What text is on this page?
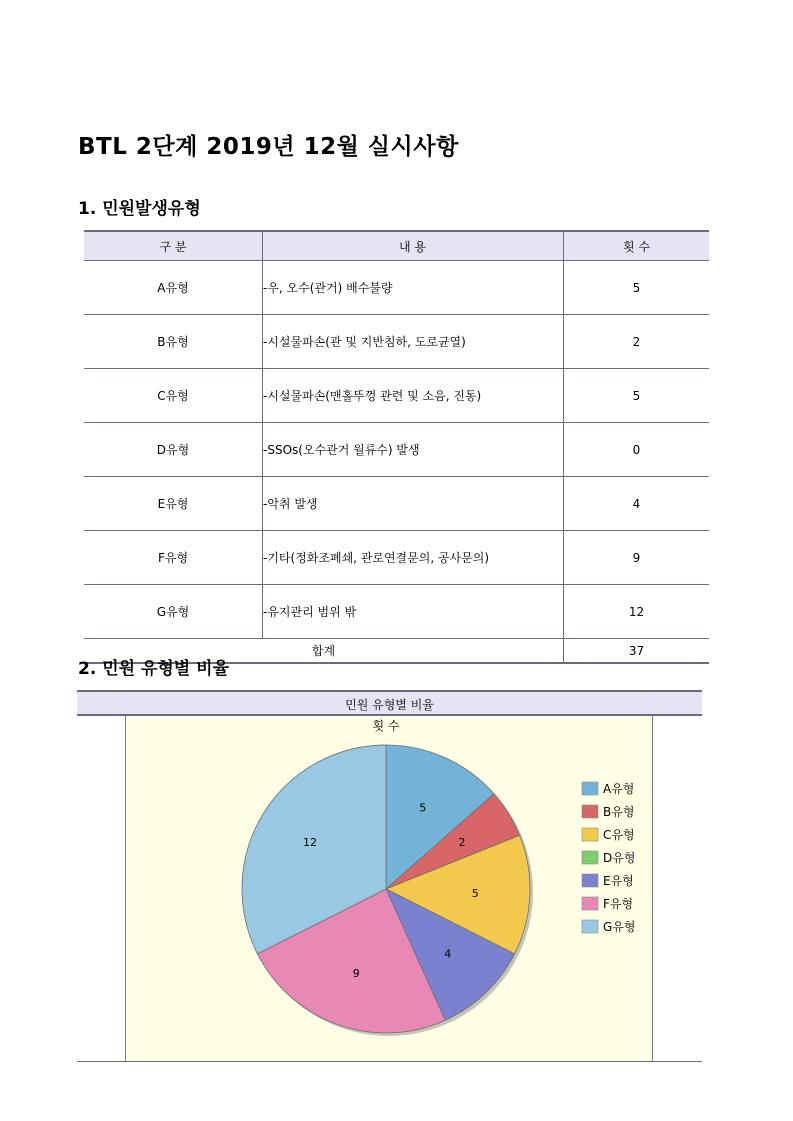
BTL 2단계 2019년 12월 실시사항
1. 민원발생유형
구 분	내 용	횟 수
A유형	-우, 오수(관거) 배수불량	5
B유형	-시설물파손(관 및 지반침하, 도로균열)	2
C유형	-시설물파손(맨홀뚜껑 관련 및 소음, 진동)	5
D유형	-SSOs(오수관거 월류수) 발생	0
E유형	-악취 발생	4
F유형	-기타(정화조폐쇄, 관로연결문의, 공사문의)	9
G유형	-유지관리 범위 밖	12
합계		37
2. 민원 유형별 비율
민원 유형별 비율
횟 수
5
2
5
4
9
12
A유형
B유형
C유형
D유형
E유형
F유형
G유형
